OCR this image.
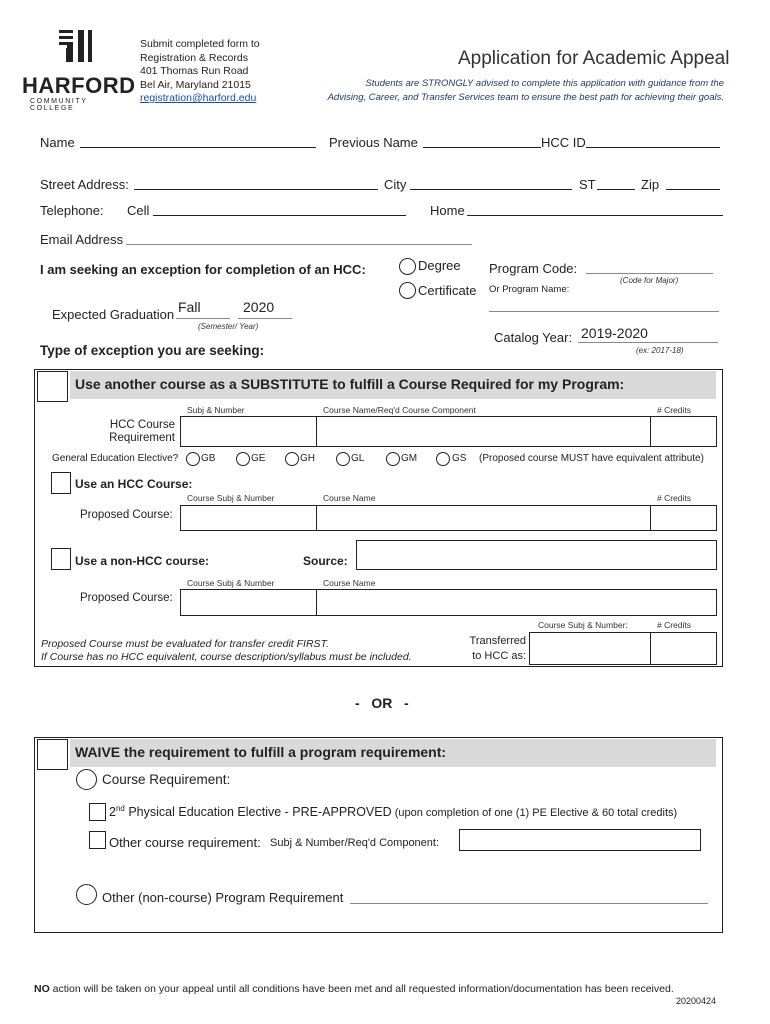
HARFORD
COMMUNITY COLLEGE
Submit completed form to
Registration & Records
401 Thomas Run Road
Bel Air, Maryland 21015
registration@harford.edu
Application for Academic Appeal
Students are STRONGLY advised to complete this application with guidance from the
Advising, Career, and Transfer Services team to ensure the best path for achieving their goals.
Name	Previous Name	HCC ID
Street Address:	City	ST	Zip
Telephone: Cell	Home
Email Address
I am seeking an exception for completion of an HCC:	Degree
Certificate
Program Code:
(Code for Major)
Or Program Name:
Expected Graduation Fall	2020
(Semester/ Year)
Catalog Year: 2019-2020
(ex: 2017-18)
Type of exception you are seeking:
Use another course as a SUBSTITUTE to fulfill a Course Required for my Program:
Subj & Number	Course Name/Req'd Course Component	# Credits
HCC Course
Requirement
General Education Elective? GB	GE	GH	GL	GM	GS (Proposed course MUST have equivalent attribute)
Use an HCC Course:
Course Subj & Number	Course Name	# Credits
Proposed Course:
Use a non-HCC course:	Source:
Course Subj & Number	Course Name
Proposed Course:
Course Subj & Number:	# Credits
Proposed Course must be evaluated for transfer credit FIRST.
If Course has no HCC equivalent, course description/syllabus must be included.
Transferred
to HCC as:
-   OR   -
WAIVE the requirement to fulfill a program requirement:
Course Requirement:
2nd Physical Education Elective - PRE-APPROVED (upon completion of one (1) PE Elective & 60 total credits)
Other course requirement: Subj & Number/Req'd Component:
Other (non-course) Program Requirement
NO action will be taken on your appeal until all conditions have been met and all requested information/documentation has been received.
20200424
